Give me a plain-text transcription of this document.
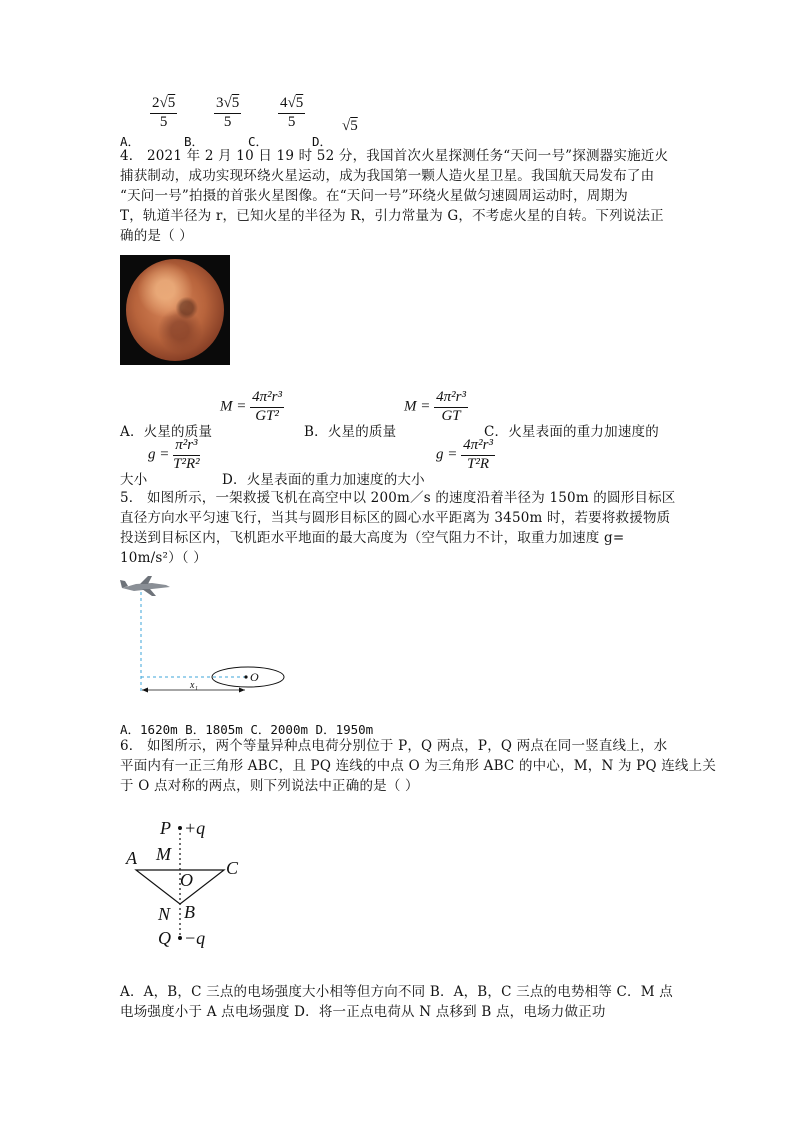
A．
$\frac{2√5}{5}$
B．
$\frac{3√5}{5}$
C．
$\frac{4√5}{5}$
D．
√5
4． 2021 年 2 月 10 日 19 时 52 分，我国首次火星探测任务“天问一号”探测器实施近火
捕获制动，成功实现环绕火星运动，成为我国第一颗人造火星卫星。我国航天局发布了由
“天问一号”拍摄的首张火星图像。在“天问一号”环绕火星做匀速圆周运动时，周期为
T，轨道半径为 r，已知火星的半径为 R，引力常量为 G，不考虑火星的自转。下列说法正
确的是（ ）
A．火星的质量
$M = \frac{\text{4π²r³}}{\text{GT²}}$
B．火星的质量
$M = \frac{\text{4π²r³}}{GT}$
C．火星表面的重力加速度的
大小
$g = \frac{\text{π²r³}}{\text{T²R²}}$
D．火星表面的重力加速度的大小
$g = \frac{\text{4π²r³}}{\text{T²R}}$
5． 如图所示，一架救援飞机在高空中以 200m／s 的速度沿着半径为 150m 的圆形目标区
直径方向水平匀速飞行，当其与圆形目标区的圆心水平距离为 3450m 时，若要将救援物质
投送到目标区内，飞机距水平地面的最大高度为（空气阻力不计，取重力加速度 g=
10m/s²）（ ）
O
x₁
A．1620m B．1805m C．2000m D．1950m
6． 如图所示，两个等量异种点电荷分别位于 P，Q 两点，P，Q 两点在同一竖直线上，水
平面内有一正三角形 ABC，且 PQ 连线的中点 O 为三角形 ABC 的中心，M，N 为 PQ 连线上关
于 O 点对称的两点，则下列说法中正确的是（ ）
P +q
A M
C
O
N B
Q −q
A．A，B，C 三点的电场强度大小相等但方向不同 B．A，B，C 三点的电势相等 C．M 点
电场强度小于 A 点电场强度 D．将一正点电荷从 N 点移到 B 点，电场力做正功
